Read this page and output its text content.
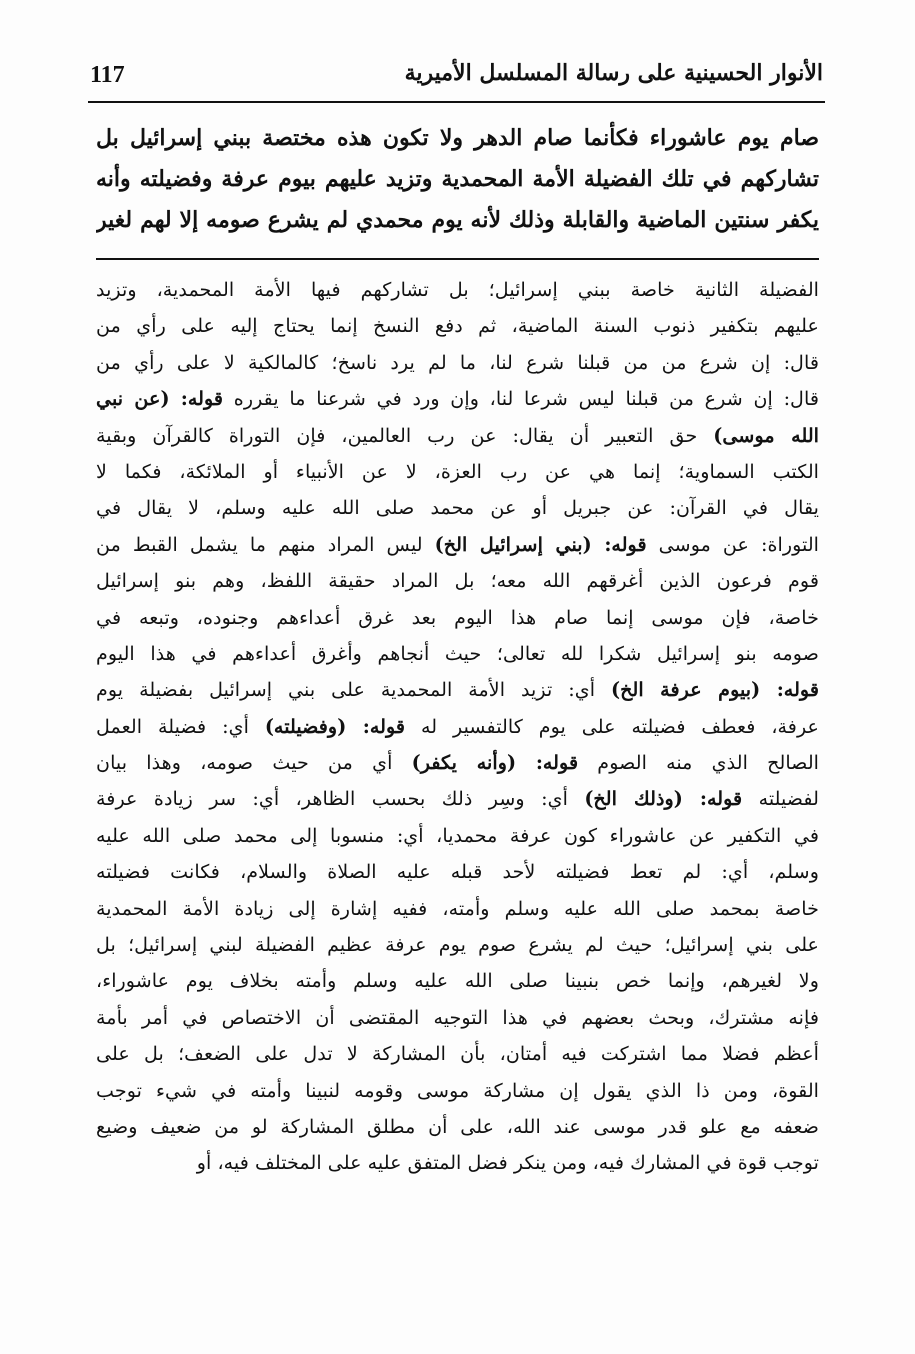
الأنوار الحسينية على رسالة المسلسل الأميرية
117
صام يوم عاشوراء فكأنما صام الدهر ولا تكون هذه مختصة ببني إسرائيل بل
تشاركهم في تلك الفضيلة الأمة المحمدية وتزيد عليهم بيوم عرفة وفضيلته وأنه
يكفر سنتين الماضية والقابلة وذلك لأنه يوم محمدي لم يشرع صومه إلا لهم لغير
الفضيلة الثانية خاصة ببني إسرائيل؛ بل تشاركهم فيها الأمة المحمدية، وتزيد
عليهم بتكفير ذنوب السنة الماضية، ثم دفع النسخ إنما يحتاج إليه على رأي من
قال: إن شرع من من قبلنا شرع لنا، ما لم يرد ناسخ؛ كالمالكية لا على رأي من
قال: إن شرع من قبلنا ليس شرعا لنا، وإن ورد في شرعنا ما يقرره قوله: (عن نبي
الله موسى) حق التعبير أن يقال: عن رب العالمين، فإن التوراة كالقرآن وبقية
الكتب السماوية؛ إنما هي عن رب العزة، لا عن الأنبياء أو الملائكة، فكما لا
يقال في القرآن: عن جبريل أو عن محمد صلى الله عليه وسلم، لا يقال في
التوراة: عن موسى قوله: (بني إسرائيل الخ) ليس المراد منهم ما يشمل القبط من
قوم فرعون الذين أغرقهم الله معه؛ بل المراد حقيقة اللفظ، وهم بنو إسرائيل
خاصة، فإن موسى إنما صام هذا اليوم بعد غرق أعداءهم وجنوده، وتبعه في
صومه بنو إسرائيل شكرا لله تعالى؛ حيث أنجاهم وأغرق أعداءهم في هذا اليوم
قوله: (بيوم عرفة الخ) أي: تزيد الأمة المحمدية على بني إسرائيل بفضيلة يوم
عرفة، فعطف فضيلته على يوم كالتفسير له قوله: (وفضيلته) أي: فضيلة العمل
الصالح الذي منه الصوم قوله: (وأنه يكفر) أي من حيث صومه، وهذا بيان
لفضيلته قوله: (وذلك الخ) أي: وسِر ذلك بحسب الظاهر، أي: سر زيادة عرفة
في التكفير عن عاشوراء كون عرفة محمديا، أي: منسوبا إلى محمد صلى الله عليه
وسلم، أي: لم تعط فضيلته لأحد قبله عليه الصلاة والسلام، فكانت فضيلته
خاصة بمحمد صلى الله عليه وسلم وأمته، ففيه إشارة إلى زيادة الأمة المحمدية
على بني إسرائيل؛ حيث لم يشرع صوم يوم عرفة عظيم الفضيلة لبني إسرائيل؛ بل
ولا لغيرهم، وإنما خص بنبينا صلى الله عليه وسلم وأمته بخلاف يوم عاشوراء،
فإنه مشترك، وبحث بعضهم في هذا التوجيه المقتضى أن الاختصاص في أمر بأمة
أعظم فضلا مما اشتركت فيه أمتان، بأن المشاركة لا تدل على الضعف؛ بل على
القوة، ومن ذا الذي يقول إن مشاركة موسى وقومه لنبينا وأمته في شيء توجب
ضعفه مع علو قدر موسى عند الله، على أن مطلق المشاركة لو من ضعيف وضيع
توجب قوة في المشارك فيه، ومن ينكر فضل المتفق عليه على المختلف فيه، أو
